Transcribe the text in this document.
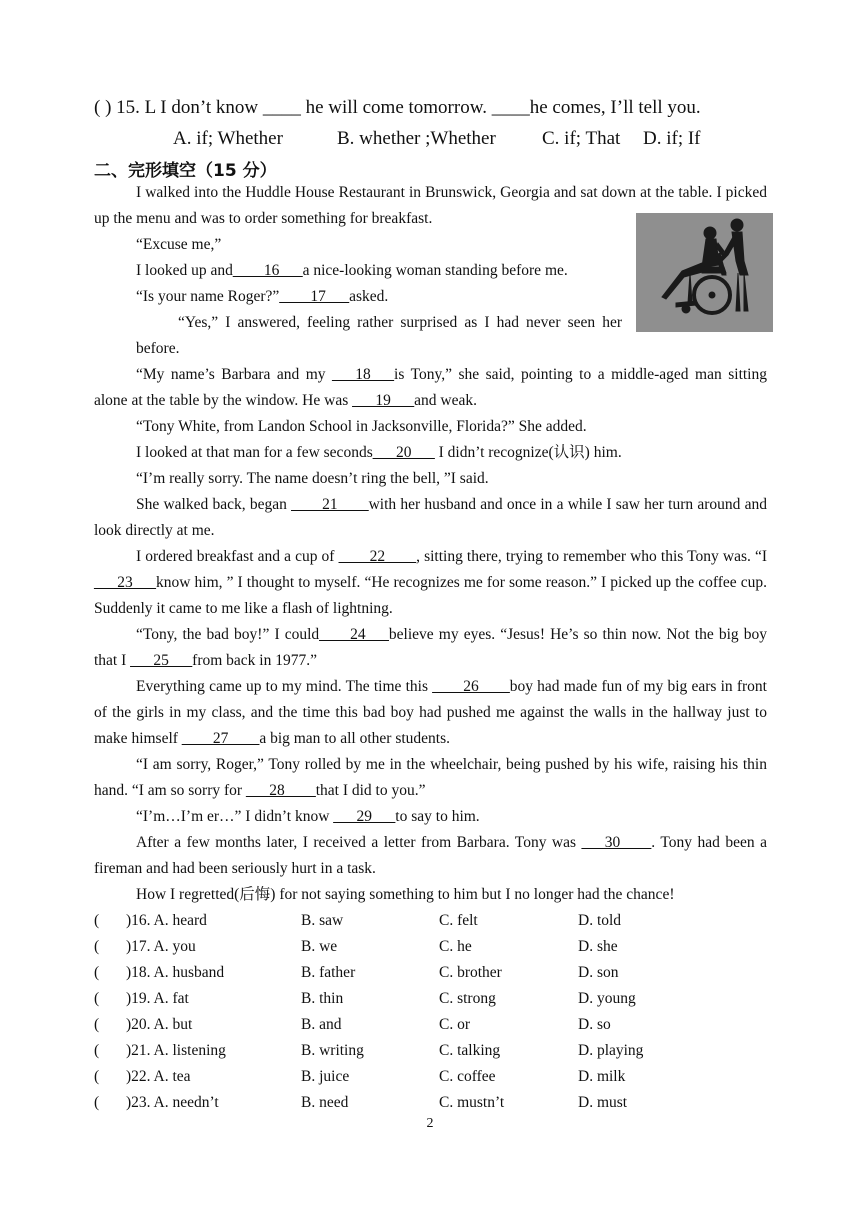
( ) 15. L I don’t know ____ he will come tomorrow. ____he comes, I’ll tell you.
A. if; Whether	B. whether ;Whether C. if; That D. if; If
二、完形填空（15 分）

I walked into the Huddle House Restaurant in Brunswick, Georgia and sat down at the table. I picked up the menu and was to order something for breakfast.

“Excuse me,”

I looked up and____16___a nice-looking woman standing before me.

“Is your name Roger?”____17___asked.

“Yes,” I answered, feeling rather surprised as I had never seen her before.

“My name’s Barbara and my ___18___is Tony,” she said, pointing to a middle-aged man sitting alone at the table by the window. He was ___19___and weak.

“Tony White, from Landon School in Jacksonville, Florida?” She added.

I looked at that man for a few seconds___20___ I didn’t recognize(认识) him.

“I’m really sorry. The name doesn’t ring the bell, ”I said.

She walked back, began ____21____with her husband and once in a while I saw her turn around and look directly at me.

I ordered breakfast and a cup of ____22____, sitting there, trying to remember who this Tony was. “I ___23___know him, ” I thought to myself. “He recognizes me for some reason.” I picked up the coffee cup. Suddenly it came to me like a flash of lightning.

“Tony, the bad boy!” I could____24___believe my eyes. “Jesus! He’s so thin now. Not the big boy that I ___25___from back in 1977.”

Everything came up to my mind. The time this ____26____boy had made fun of my big ears in front of the girls in my class, and the time this bad boy had pushed me against the walls in the hallway just to make himself ____27____a big man to all other students.

“I am sorry, Roger,” Tony rolled by me in the wheelchair, being pushed by his wife, raising his thin hand. “I am so sorry for ___28____that I did to you.”

“I’m…I’m er…” I didn’t know ___29___to say to him.

After a few months later, I received a letter from Barbara. Tony was ___30____. Tony had been a fireman and had been seriously hurt in a task.

How I regretted(后悔) for not saying something to him but I no longer had the chance!

( )16. A. heard	B. saw	C. felt	D. told
( )17. A. you	B. we	C. he	D. she
( )18. A. husband	B. father	C. brother	D. son
( )19. A. fat	B. thin	C. strong	D. young
( )20. A. but	B. and	C. or	D. so
( )21. A. listening	B. writing	C. talking	D. playing
( )22. A. tea	B. juice	C. coffee	D. milk
( )23. A. needn’t	B. need	C. mustn’t	D. must
2
